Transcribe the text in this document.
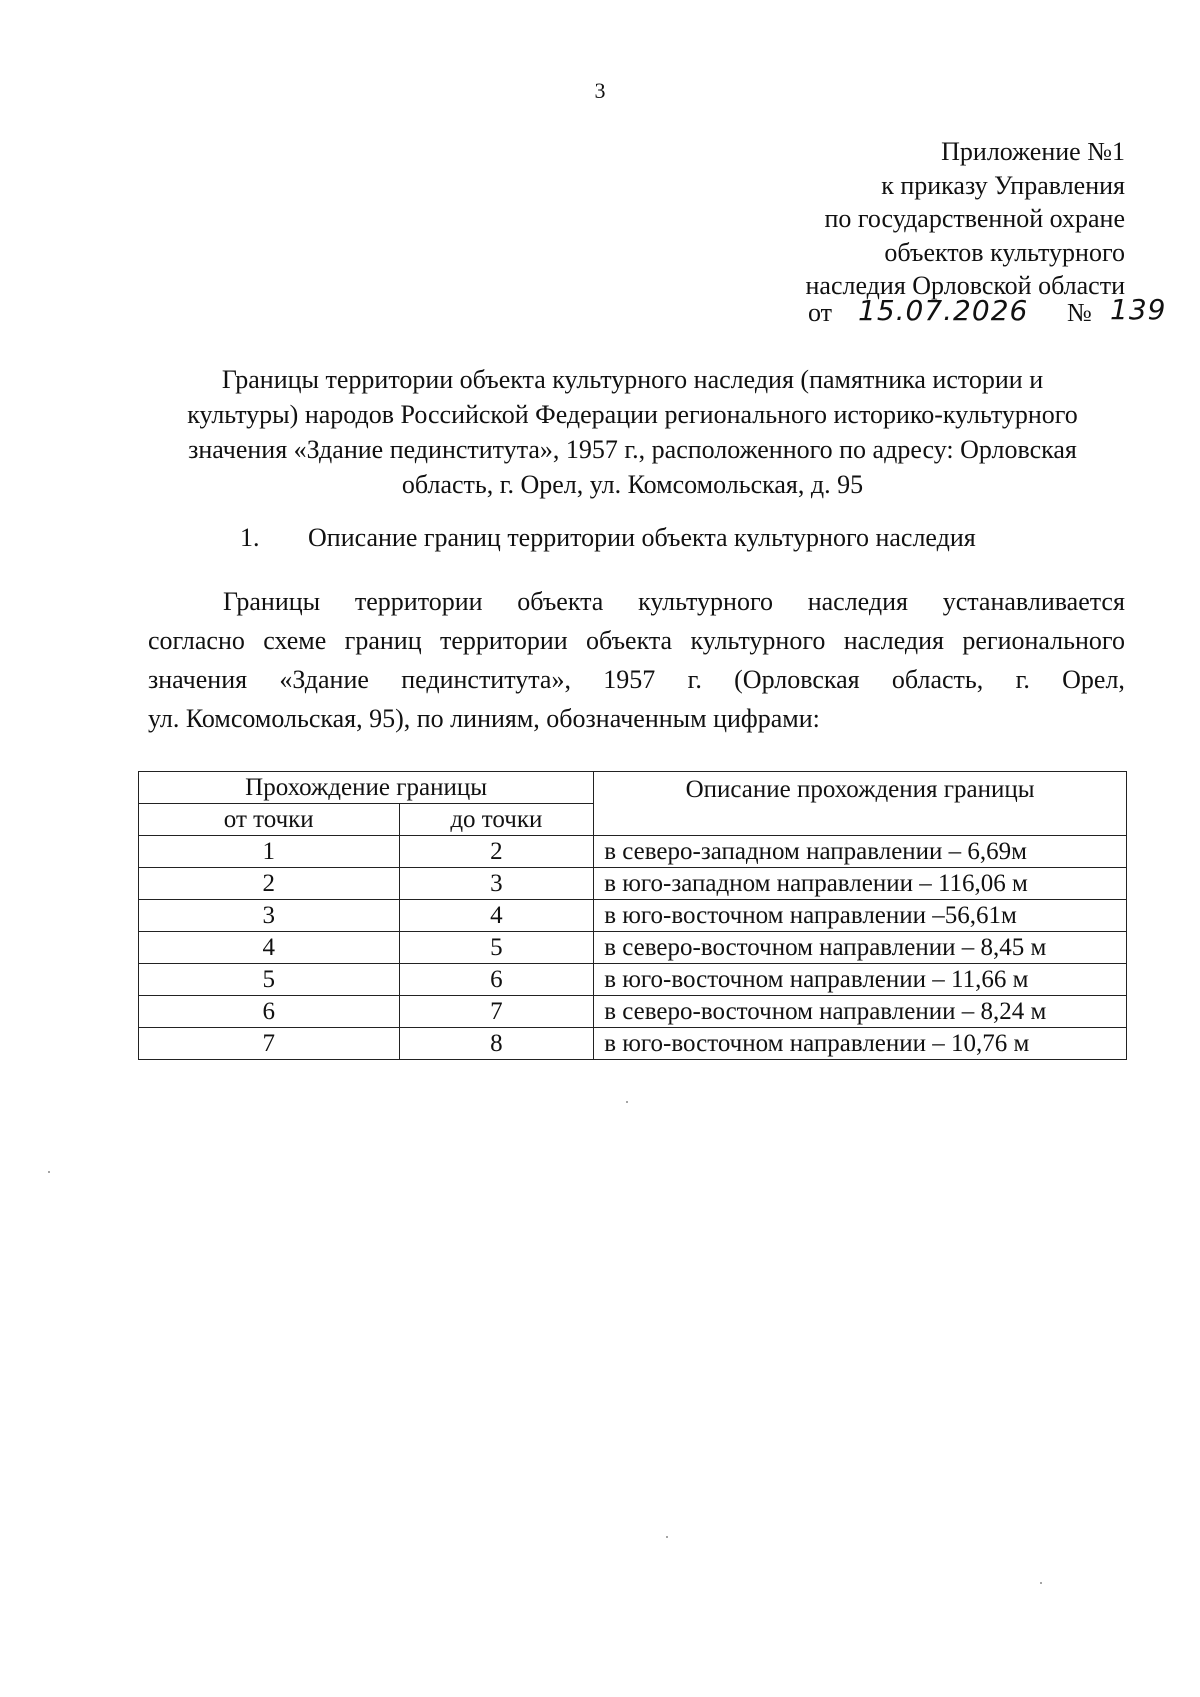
3
Приложение №1
к приказу Управления
по государственной охране
объектов культурного
наследия Орловской области
от 15.07.2026 № 139
Границы территории объекта культурного наследия (памятника истории и
культуры) народов Российской Федерации регионального историко-культурного
значения «Здание пединститута», 1957 г., расположенного по адресу: Орловская
область, г. Орел, ул. Комсомольская, д. 95
1. Описание границ территории объекта культурного наследия
Границы территории объекта культурного наследия устанавливается
согласно схеме границ территории объекта культурного наследия регионального
значения «Здание пединститута», 1957 г. (Орловская область, г. Орел,
ул. Комсомольская, 95), по линиям, обозначенным цифрами:
Прохождение границы		Описание прохождения границы
от точки	до точки	
1	2	в северо-западном направлении – 6,69м
2	3	в юго-западном направлении – 116,06 м
3	4	в юго-восточном направлении –56,61м
4	5	в северо-восточном направлении – 8,45 м
5	6	в юго-восточном направлении – 11,66 м
6	7	в северо-восточном направлении – 8,24 м
7	8	в юго-восточном направлении – 10,76 м
